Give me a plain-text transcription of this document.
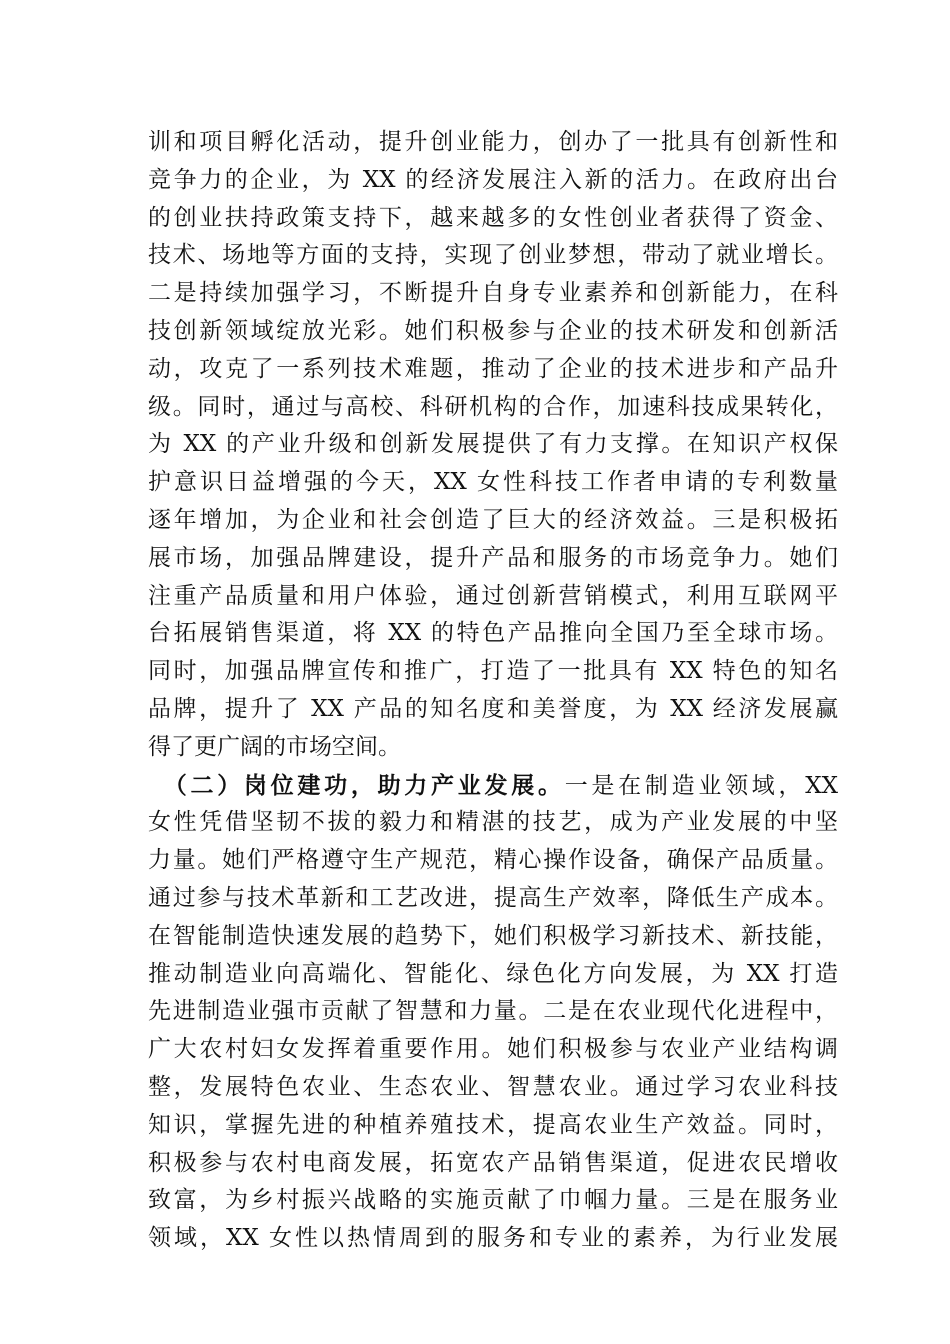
训和项目孵化活动，提升创业能力，创办了一批具有创新性和
竞争力的企业，为 XX 的经济发展注入新的活力。在政府出台
的创业扶持政策支持下，越来越多的女性创业者获得了资金、
技术、场地等方面的支持，实现了创业梦想，带动了就业增长。
二是持续加强学习，不断提升自身专业素养和创新能力，在科
技创新领域绽放光彩。她们积极参与企业的技术研发和创新活
动，攻克了一系列技术难题，推动了企业的技术进步和产品升
级。同时，通过与高校、科研机构的合作，加速科技成果转化，
为 XX 的产业升级和创新发展提供了有力支撑。在知识产权保
护意识日益增强的今天，XX 女性科技工作者申请的专利数量
逐年增加，为企业和社会创造了巨大的经济效益。三是积极拓
展市场，加强品牌建设，提升产品和服务的市场竞争力。她们
注重产品质量和用户体验，通过创新营销模式，利用互联网平
台拓展销售渠道，将 XX 的特色产品推向全国乃至全球市场。
同时，加强品牌宣传和推广，打造了一批具有 XX 特色的知名
品牌，提升了 XX 产品的知名度和美誉度，为 XX 经济发展赢
得了更广阔的市场空间。
（二）岗位建功，助力产业发展。一是在制造业领域，XX
女性凭借坚韧不拔的毅力和精湛的技艺，成为产业发展的中坚
力量。她们严格遵守生产规范，精心操作设备，确保产品质量。
通过参与技术革新和工艺改进，提高生产效率，降低生产成本。
在智能制造快速发展的趋势下，她们积极学习新技术、新技能，
推动制造业向高端化、智能化、绿色化方向发展，为 XX 打造
先进制造业强市贡献了智慧和力量。二是在农业现代化进程中，
广大农村妇女发挥着重要作用。她们积极参与农业产业结构调
整，发展特色农业、生态农业、智慧农业。通过学习农业科技
知识，掌握先进的种植养殖技术，提高农业生产效益。同时，
积极参与农村电商发展，拓宽农产品销售渠道，促进农民增收
致富，为乡村振兴战略的实施贡献了巾帼力量。三是在服务业
领域，XX 女性以热情周到的服务和专业的素养，为行业发展
